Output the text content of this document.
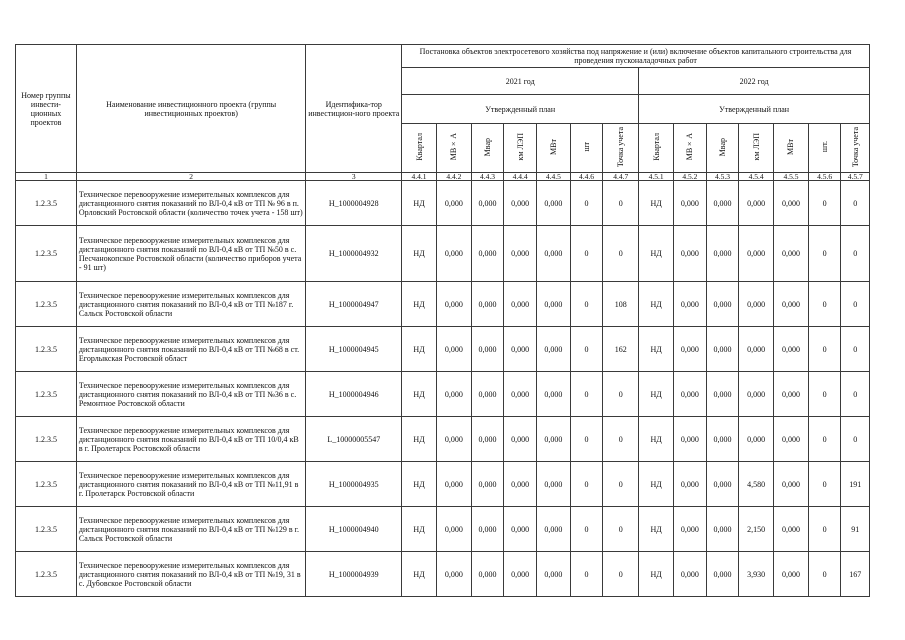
Номер группы инвести-ционных проектов	Наименование инвестиционного проекта (группы инвестиционных проектов)	Идентифика-тор инвестицион-ного проекта	Постановка объектов электросетевого хозяйства под напряжение и (или) включение объектов капитального строительства для проведения пусконаладочных работ													
			2021 год							2022 год						
			Утвержденный план							Утвержденный план						
			Квартал	МВ×А	Мвар	км ЛЭП	МВт	шт	Точка учета	Квартал	МВ×А	Мвар	км ЛЭП	МВт	шт.	Точка учета
1	2	3	4.4.1	4.4.2	4.4.3	4.4.4	4.4.5	4.4.6	4.4.7	4.5.1	4.5.2	4.5.3	4.5.4	4.5.5	4.5.6	4.5.7
1.2.3.5	Техническое перевооружение измерительных комплексов для дистанционного снятия показаний по ВЛ-0,4 кВ от ТП № 96 в п. Орловский Ростовской области (количество точек учета - 158 шт)	H_1000004928	НД	0,000	0,000	0,000	0,000	0	0	НД	0,000	0,000	0,000	0,000	0	0
1.2.3.5	Техническое перевооружение измерительных комплексов для дистанционного снятия показаний по ВЛ-0,4 кВ от ТП №50 в с. Песчанокопское Ростовской области (количество приборов учета - 91 шт)	H_1000004932	НД	0,000	0,000	0,000	0,000	0	0	НД	0,000	0,000	0,000	0,000	0	0
1.2.3.5	Техническое перевооружение измерительных комплексов для дистанционного снятия показаний по ВЛ-0,4 кВ от ТП №187 г. Сальск Ростовской области	H_1000004947	НД	0,000	0,000	0,000	0,000	0	108	НД	0,000	0,000	0,000	0,000	0	0
1.2.3.5	Техническое перевооружение измерительных комплексов для дистанционного снятия показаний по ВЛ-0,4 кВ от ТП №68 в ст. Егорлыкская Ростовской област	H_1000004945	НД	0,000	0,000	0,000	0,000	0	162	НД	0,000	0,000	0,000	0,000	0	0
1.2.3.5	Техническое перевооружение измерительных комплексов для дистанционного снятия показаний по ВЛ-0,4 кВ от ТП №36 в с. Ремонтное Ростовской области	H_1000004946	НД	0,000	0,000	0,000	0,000	0	0	НД	0,000	0,000	0,000	0,000	0	0
1.2.3.5	Техническое перевооружение измерительных комплексов для дистанционного снятия показаний по ВЛ-0,4 кВ от ТП 10/0,4 кВ в г. Пролетарск Ростовской области	L_10000005547	НД	0,000	0,000	0,000	0,000	0	0	НД	0,000	0,000	0,000	0,000	0	0
1.2.3.5	Техническое перевооружение измерительных комплексов для дистанционного снятия показаний по ВЛ-0,4 кВ от ТП №11,91 в г. Пролетарск Ростовской области	H_1000004935	НД	0,000	0,000	0,000	0,000	0	0	НД	0,000	0,000	4,580	0,000	0	191
1.2.3.5	Техническое перевооружение измерительных комплексов для дистанционного снятия показаний по ВЛ-0,4 кВ от ТП №129 в г. Сальск Ростовской области	H_1000004940	НД	0,000	0,000	0,000	0,000	0	0	НД	0,000	0,000	2,150	0,000	0	91
1.2.3.5	Техническое перевооружение измерительных комплексов для дистанционного снятия показаний по ВЛ-0,4 кВ от ТП №19, 31 в с. Дубовское Ростовской области	H_1000004939	НД	0,000	0,000	0,000	0,000	0	0	НД	0,000	0,000	3,930	0,000	0	167
